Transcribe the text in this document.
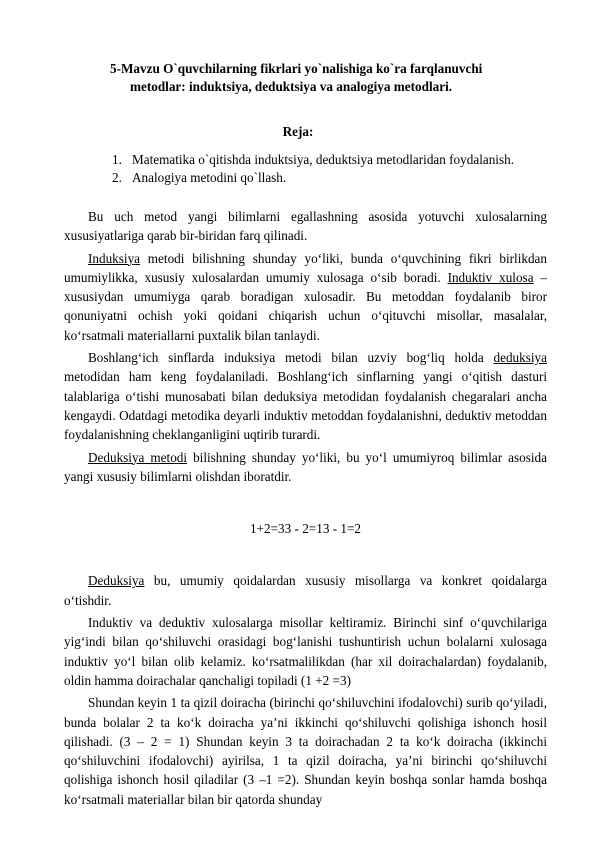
5-Mavzu O`quvchilarning fikrlari yo`nalishiga ko`ra farqlanuvchi
metodlar: induktsiya, deduktsiya va analogiya metodlari.
Reja:
1. Matematika o`qitishda induktsiya, deduktsiya metodlaridan foydalanish.
2. Analogiya metodini qo`llash.

Bu uch metod yangi bilimlarni egallashning asosida yotuvchi xulosalarning xususiyatlariga qarab bir-biridan farq qilinadi.

Induksiya metodi bilishning shunday yo‘liki, bunda o‘quvchining fikri birlikdan umumiylikka, xususiy xulosalardan umumiy xulosaga o‘sib boradi. Induktiv xulosa – xususiydan umumiyga qarab boradigan xulosadir. Bu metoddan foydalanib biror qonuniyatni ochish yoki qoidani chiqarish uchun o‘qituvchi misollar, masalalar, ko‘rsatmali materiallarni puxtalik bilan tanlaydi.

Boshlang‘ich sinflarda induksiya metodi bilan uzviy bog‘liq holda deduksiya metodidan ham keng foydalaniladi. Boshlang‘ich sinflarning yangi o‘qitish dasturi talablariga o‘tishi munosabati bilan deduksiya metodidan foydalanish chegaralari ancha kengaydi. Odatdagi metodika deyarli induktiv metoddan foydalanishni, deduktiv metoddan foydalanishning cheklanganligini uqtirib turardi.

Deduksiya metodi bilishning shunday yo‘liki, bu yo‘l umumiyroq bilimlar asosida yangi xususiy bilimlarni olishdan iboratdir.

1+2=33 - 2=13 - 1=2

Deduksiya bu, umumiy qoidalardan xususiy misollarga va konkret qoidalarga o‘tishdir.

Induktiv va deduktiv xulosalarga misollar keltiramiz. Birinchi sinf o‘quvchilariga yig‘indi bilan qo‘shiluvchi orasidagi bog‘lanishi tushuntirish uchun bolalarni xulosaga induktiv yo‘l bilan olib kelamiz. ko‘rsatmalilikdan (har xil doirachalardan) foydalanib, oldin hamma doirachalar qanchaligi topiladi (1 +2 =3)

Shundan keyin 1 ta qizil doiracha (birinchi qo‘shiluvchini ifodalovchi) surib qo‘yiladi, bunda bolalar 2 ta ko‘k doiracha ya’ni ikkinchi qo‘shiluvchi qolishiga ishonch hosil qilishadi. (3 – 2 = 1) Shundan keyin 3 ta doirachadan 2 ta ko‘k doiracha (ikkinchi qo‘shiluvchini ifodalovchi) ayirilsa, 1 ta qizil doiracha, ya’ni birinchi qo‘shiluvchi qolishiga ishonch hosil qiladilar (3 –1 =2). Shundan keyin boshqa sonlar hamda boshqa ko‘rsatmali materiallar bilan bir qatorda shunday
